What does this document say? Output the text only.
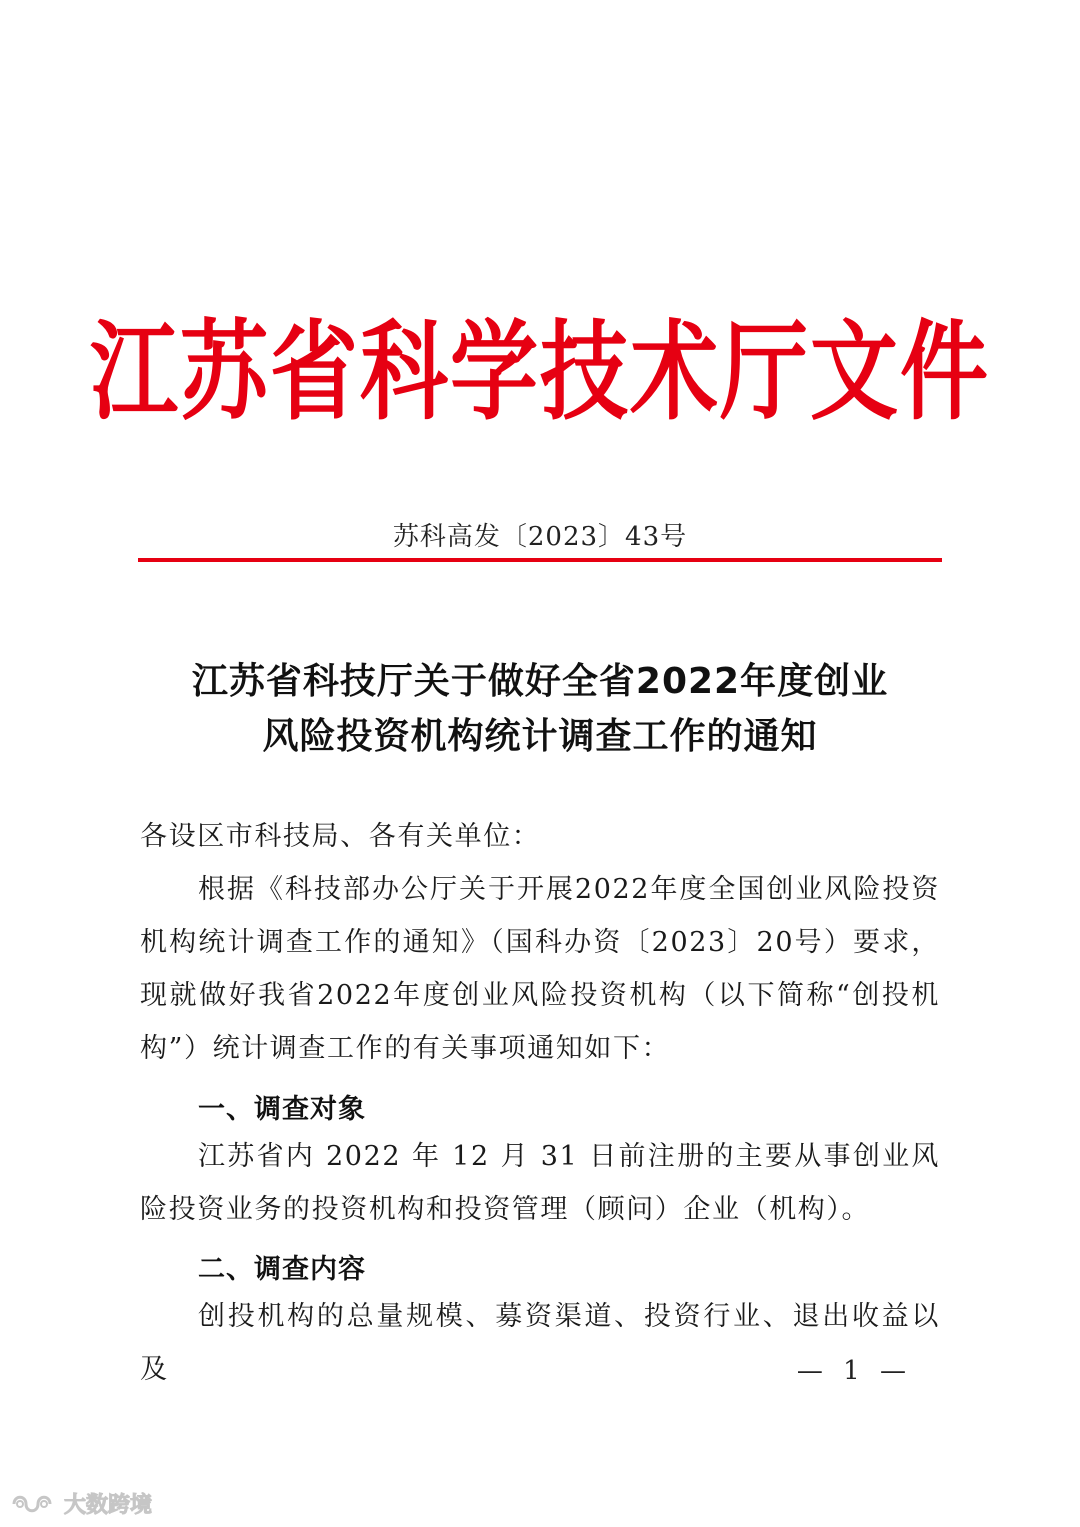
江苏省科学技术厅文件
苏科高发〔2023〕43号
江苏省科技厅关于做好全省2022年度创业
风险投资机构统计调查工作的通知
各设区市科技局、各有关单位：
根据《科技部办公厅关于开展2022年度全国创业风险投资机构统计调查工作的通知》（国科办资〔2023〕20号）要求，现就做好我省2022年度创业风险投资机构（以下简称“创投机构”）统计调查工作的有关事项通知如下：
一、调查对象
江苏省内 2022 年 12 月 31 日前注册的主要从事创业风险投资业务的投资机构和投资管理（顾问）企业（机构）。
二、调查内容
创投机构的总量规模、募资渠道、投资行业、退出收益以及	— 1 —
大数跨境
